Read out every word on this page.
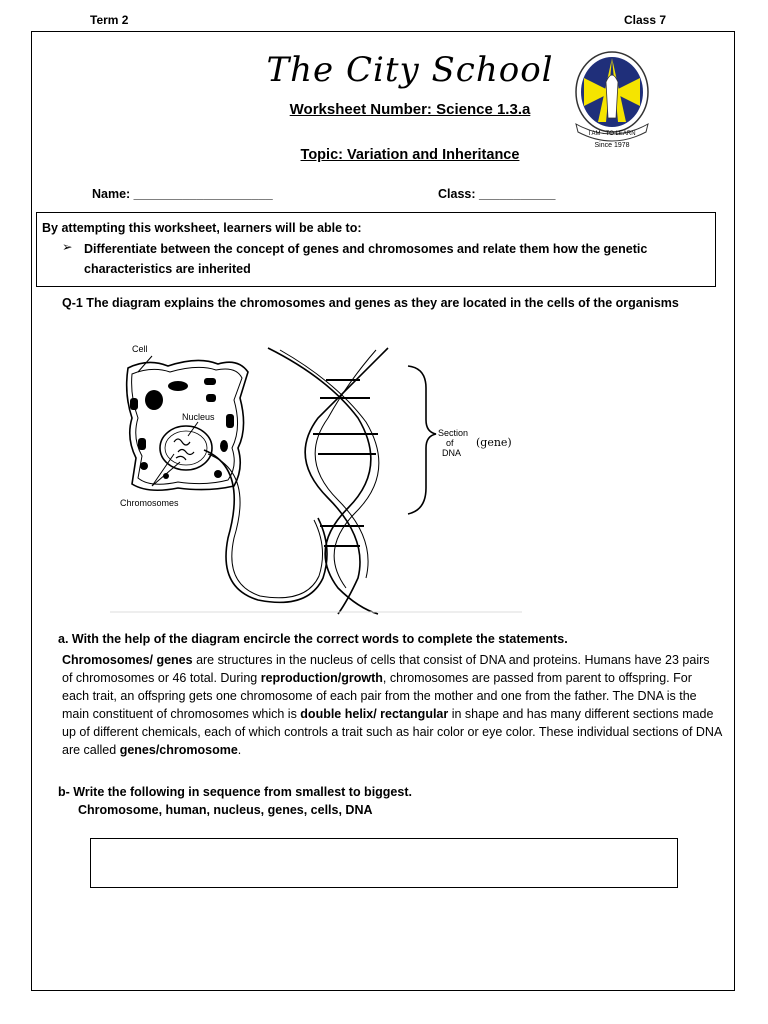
Term 2	Class 7
The City School
Worksheet Number: Science 1.3.a
Topic: Variation and Inheritance
I AM - TO LEARN
Since 1978
Name: ____________________	Class: ___________
By attempting this worksheet, learners will be able to:
➢ Differentiate between the concept of genes and chromosomes and relate them how the genetic characteristics are inherited
Q-1 The diagram explains the chromosomes and genes as they are located in the cells of the organisms
Cell
Nucleus
Chromosomes
Section
of
DNA
(gene)
a. With the help of the diagram encircle the correct words to complete the statements.
Chromosomes/ genes are structures in the nucleus of cells that consist of DNA and proteins. Humans have 23 pairs of chromosomes or 46 total. During reproduction/growth, chromosomes are passed from parent to offspring. For each trait, an offspring gets one chromosome of each pair from the mother and one from the father. The DNA is the main constituent of chromosomes which is double helix/ rectangular in shape and has many different sections made up of different chemicals, each of which controls a trait such as hair color or eye color. These individual sections of DNA are called genes/chromosome.
b- Write the following in sequence from smallest to biggest.
Chromosome, human, nucleus, genes, cells, DNA
